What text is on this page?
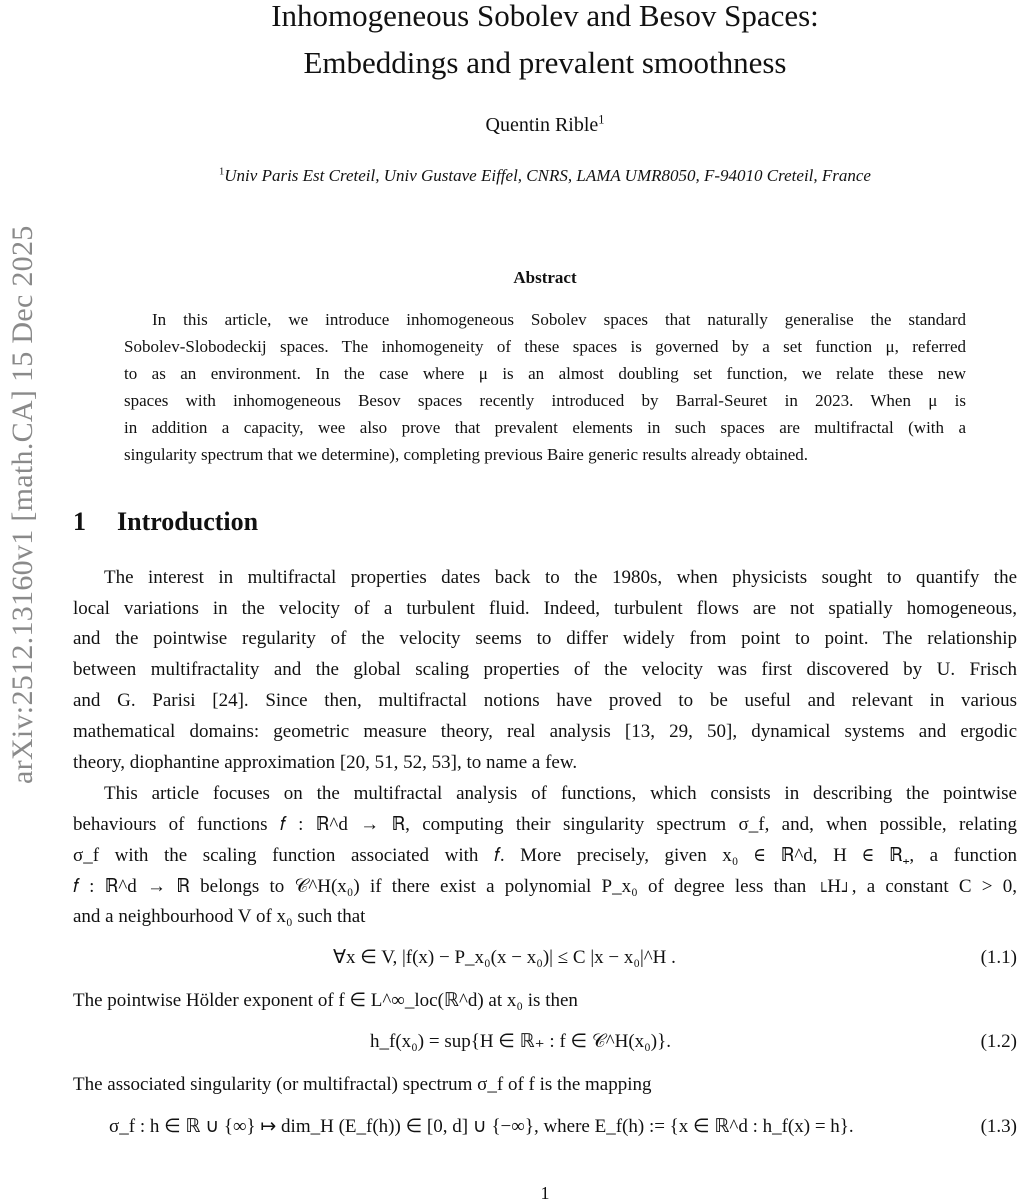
arXiv:2512.13160v1 [math.CA] 15 Dec 2025
Inhomogeneous Sobolev and Besov Spaces:
Embeddings and prevalent smoothness
Quentin Rible$^1$
$^1$Univ Paris Est Creteil, Univ Gustave Eiffel, CNRS, LAMA UMR8050, F-94010 Creteil, France
Abstract
In this article, we introduce inhomogeneous Sobolev spaces that naturally generalise the standard
Sobolev-Slobodeckij spaces. The inhomogeneity of these spaces is governed by a set function μ, referred
to as an environment. In the case where μ is an almost doubling set function, we relate these new
spaces with inhomogeneous Besov spaces recently introduced by Barral-Seuret in 2023. When μ is
in addition a capacity, wee also prove that prevalent elements in such spaces are multifractal (with a
singularity spectrum that we determine), completing previous Baire generic results already obtained.
1 Introduction
The interest in multifractal properties dates back to the 1980s, when physicists sought to quantify the
local variations in the velocity of a turbulent fluid. Indeed, turbulent flows are not spatially homogeneous,
and the pointwise regularity of the velocity seems to differ widely from point to point. The relationship
between multifractality and the global scaling properties of the velocity was first discovered by U. Frisch
and G. Parisi [24]. Since then, multifractal notions have proved to be useful and relevant in various
mathematical domains: geometric measure theory, real analysis [13, 29, 50], dynamical systems and ergodic
theory, diophantine approximation [20, 51, 52, 53], to name a few.
This article focuses on the multifractal analysis of functions, which consists in describing the pointwise
behaviours of functions 𝑓 : ℝ^d → ℝ, computing their singularity spectrum σ_f, and, when possible, relating
σ_f with the scaling function associated with 𝑓. More precisely, given x₀ ∈ ℝ^d, H ∈ ℝ₊, a function
𝑓 : ℝ^d → ℝ belongs to 𝒞^H(x₀) if there exist a polynomial P_x₀ of degree less than ⌊H⌋, a constant C > 0,
and a neighbourhood V of x₀ such that
∀x ∈ V, |f(x) − P_x₀(x − x₀)| ≤ C |x − x₀|^H .	(1.1)
The pointwise Hölder exponent of f ∈ L^∞_loc(ℝ^d) at x₀ is then
h_f(x₀) = sup{H ∈ ℝ₊ : f ∈ 𝒞^H(x₀)}.	(1.2)
The associated singularity (or multifractal) spectrum σ_f of f is the mapping
σ_f : h ∈ ℝ ∪ {∞} ↦ dim_H (E_f(h)) ∈ [0, d] ∪ {−∞}, where E_f(h) := {x ∈ ℝ^d : h_f(x) = h}.	(1.3)
1
